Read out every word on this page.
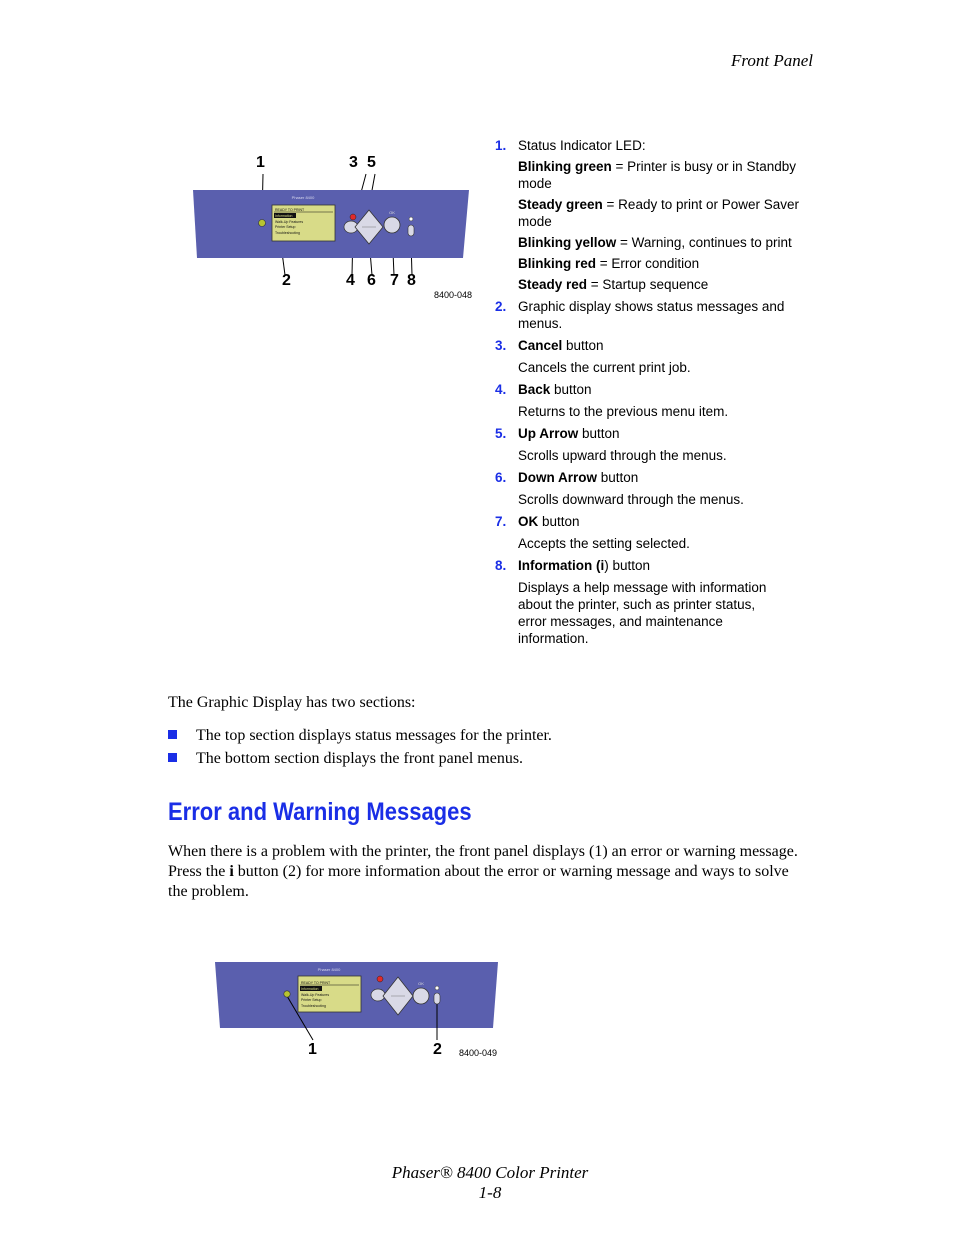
Front Panel
Phaser 8400
READY TO PRINT
Information
Walk-Up Features
Printer Setup
Troubleshooting
OK
1	3 5
2	4 6 7 8
8400-048
1. Status Indicator LED:
Blinking green = Printer is busy or in Standby mode
Steady green = Ready to print or Power Saver mode
Blinking yellow = Warning, continues to print
Blinking red = Error condition
Steady red = Startup sequence
2. Graphic display shows status messages and menus.
3. Cancel button
Cancels the current print job.
4. Back button
Returns to the previous menu item.
5. Up Arrow button
Scrolls upward through the menus.
6. Down Arrow button
Scrolls downward through the menus.
7. OK button
Accepts the setting selected.
8. Information (i) button
Displays a help message with information about the printer, such as printer status, error messages, and maintenance information.
The Graphic Display has two sections:
The top section displays status messages for the printer.
The bottom section displays the front panel menus.
Error and Warning Messages
When there is a problem with the printer, the front panel displays (1) an error or warning message. Press the i button (2) for more information about the error or warning message and ways to solve the problem.
Phaser 8400
READY TO PRINT
Information
Walk-Up Features
Printer Setup
Troubleshooting
OK
1	2 8400-049
Phaser® 8400 Color Printer
1-8
